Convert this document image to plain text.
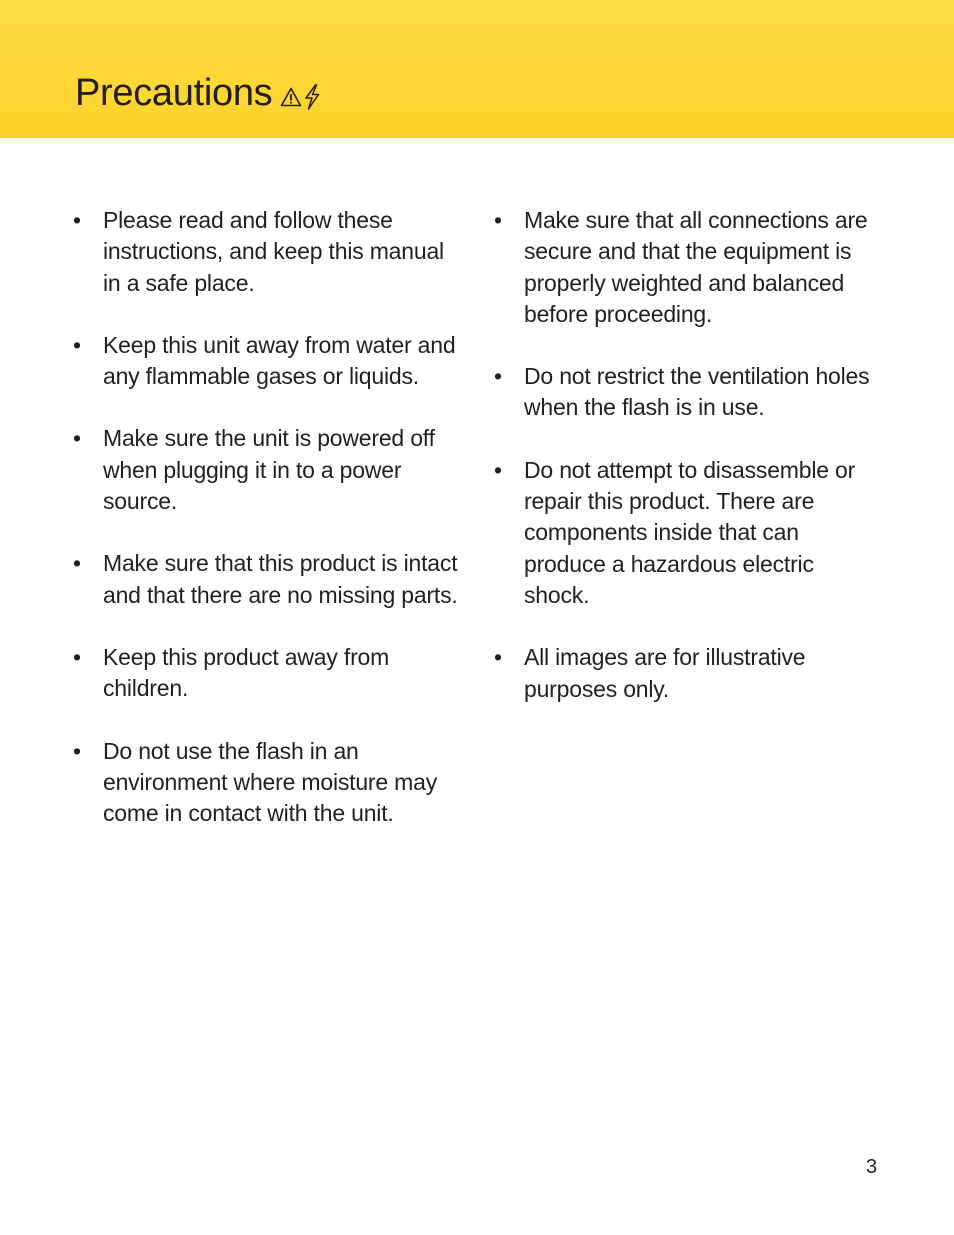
Precautions
• Please read and follow these instructions, and keep this manual in a safe place.
• Keep this unit away from water and any flammable gases or liquids.
• Make sure the unit is powered off when plugging it in to a power source.
• Make sure that this product is intact and that there are no missing parts.
• Keep this product away from children.
• Do not use the flash in an environment where moisture may come in contact with the unit.
• Make sure that all connections are secure and that the equipment is properly weighted and balanced before proceeding.
• Do not restrict the ventilation holes when the flash is in use.
• Do not attempt to disassemble or repair this product. There are components inside that can produce a hazardous electric shock.
• All images are for illustrative purposes only.
3
